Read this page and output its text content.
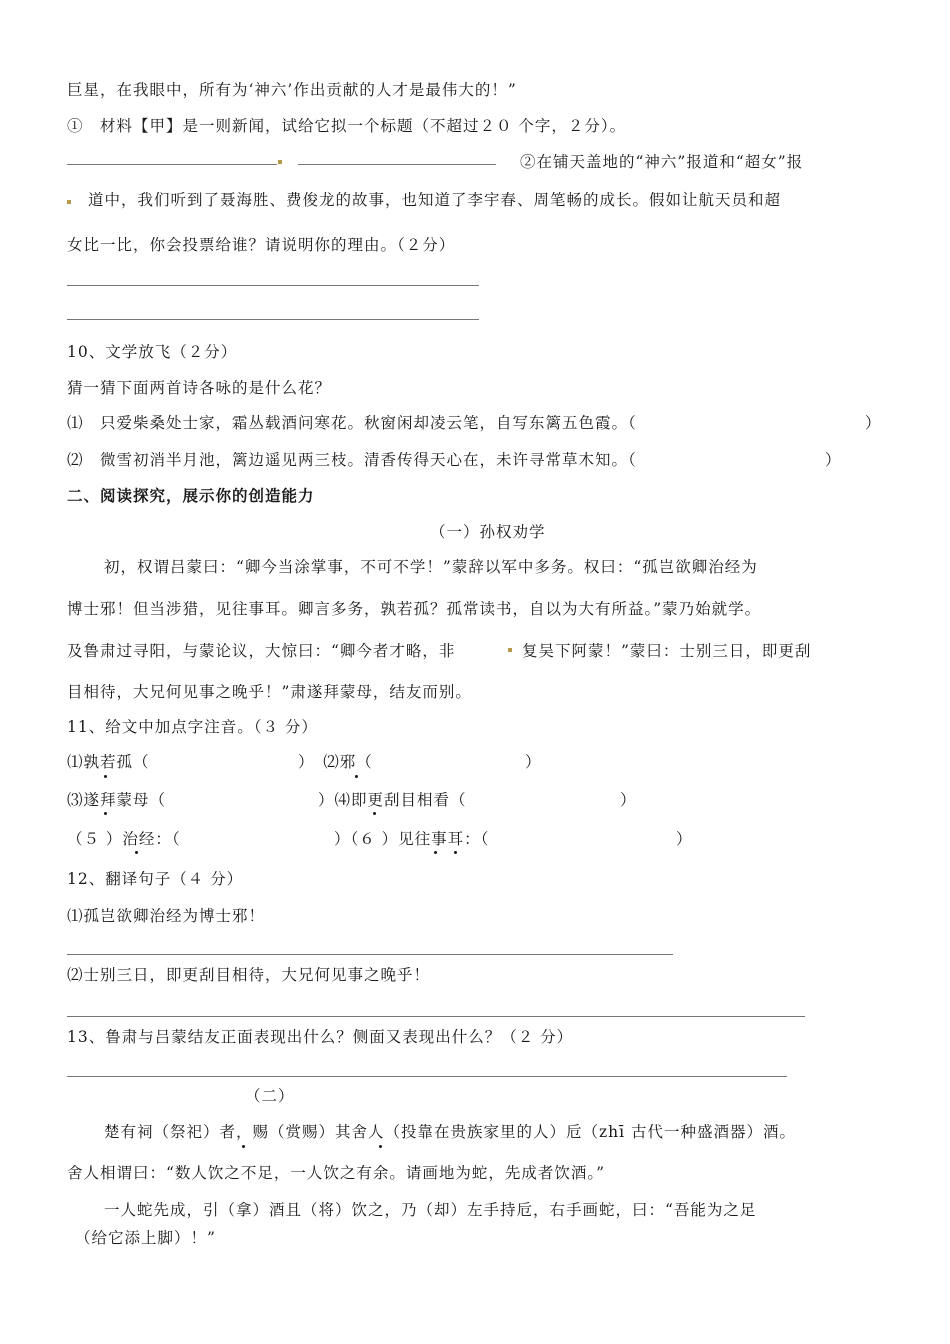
巨星，在我眼中，所有为‘神六’作出贡献的人才是最伟大的！”
①　材料【甲】是一则新闻，试给它拟一个标题（不超过２０ 个字，２分）。
②在铺天盖地的“神六”报道和“超女”报
道中，我们听到了聂海胜、费俊龙的故事，也知道了李宇春、周笔畅的成长。假如让航天员和超
女比一比，你会投票给谁？请说明你的理由。（２分）
10、文学放飞（２分）
猜一猜下面两首诗各咏的是什么花？
⑴　只爱柴桑处士家，霜丛载酒问寒花。秋窗闲却凌云笔，自写东篱五色霞。（	）
⑵　微雪初消半月池，篱边遥见两三枝。清香传得天心在，未许寻常草木知。（	）
二、阅读探究，展示你的创造能力
（一）孙权劝学
初，权谓吕蒙曰：“卿今当涂掌事，不可不学！”蒙辞以军中多务。权曰：“孤岂欲卿治经为
博士邪！但当涉猎，见往事耳。卿言多务，孰若孤？孤常读书，自以为大有所益。”蒙乃始就学。
及鲁肃过寻阳，与蒙论议，大惊曰：“卿今者才略，非	复吴下阿蒙！”蒙曰：士别三日，即更刮
目相待，大兄何见事之晚乎！”肃遂拜蒙母，结友而别。
11、给文中加点字注音。（３ 分）
⑴孰若孤（	）　⑵邪（	）
⑶遂拜蒙母（	）⑷即更刮目相看（	）
（５ ）治经：（	）（６ ）见往事耳：（	）
12、翻译句子（４ 分）
⑴孤岂欲卿治经为博士邪！
⑵士别三日，即更刮目相待，大兄何见事之晚乎！
13、鲁肃与吕蒙结友正面表现出什么？侧面又表现出什么？（２ 分）
（二）
楚有祠（祭祀）者，赐（赏赐）其舍人（投靠在贵族家里的人）卮（zhī 古代一种盛酒器）酒。
舍人相谓曰：“数人饮之不足，一人饮之有余。请画地为蛇，先成者饮酒。”
一人蛇先成，引（拿）酒且（将）饮之，乃（却）左手持卮，右手画蛇，曰：“吾能为之足
（给它添上脚）！”
